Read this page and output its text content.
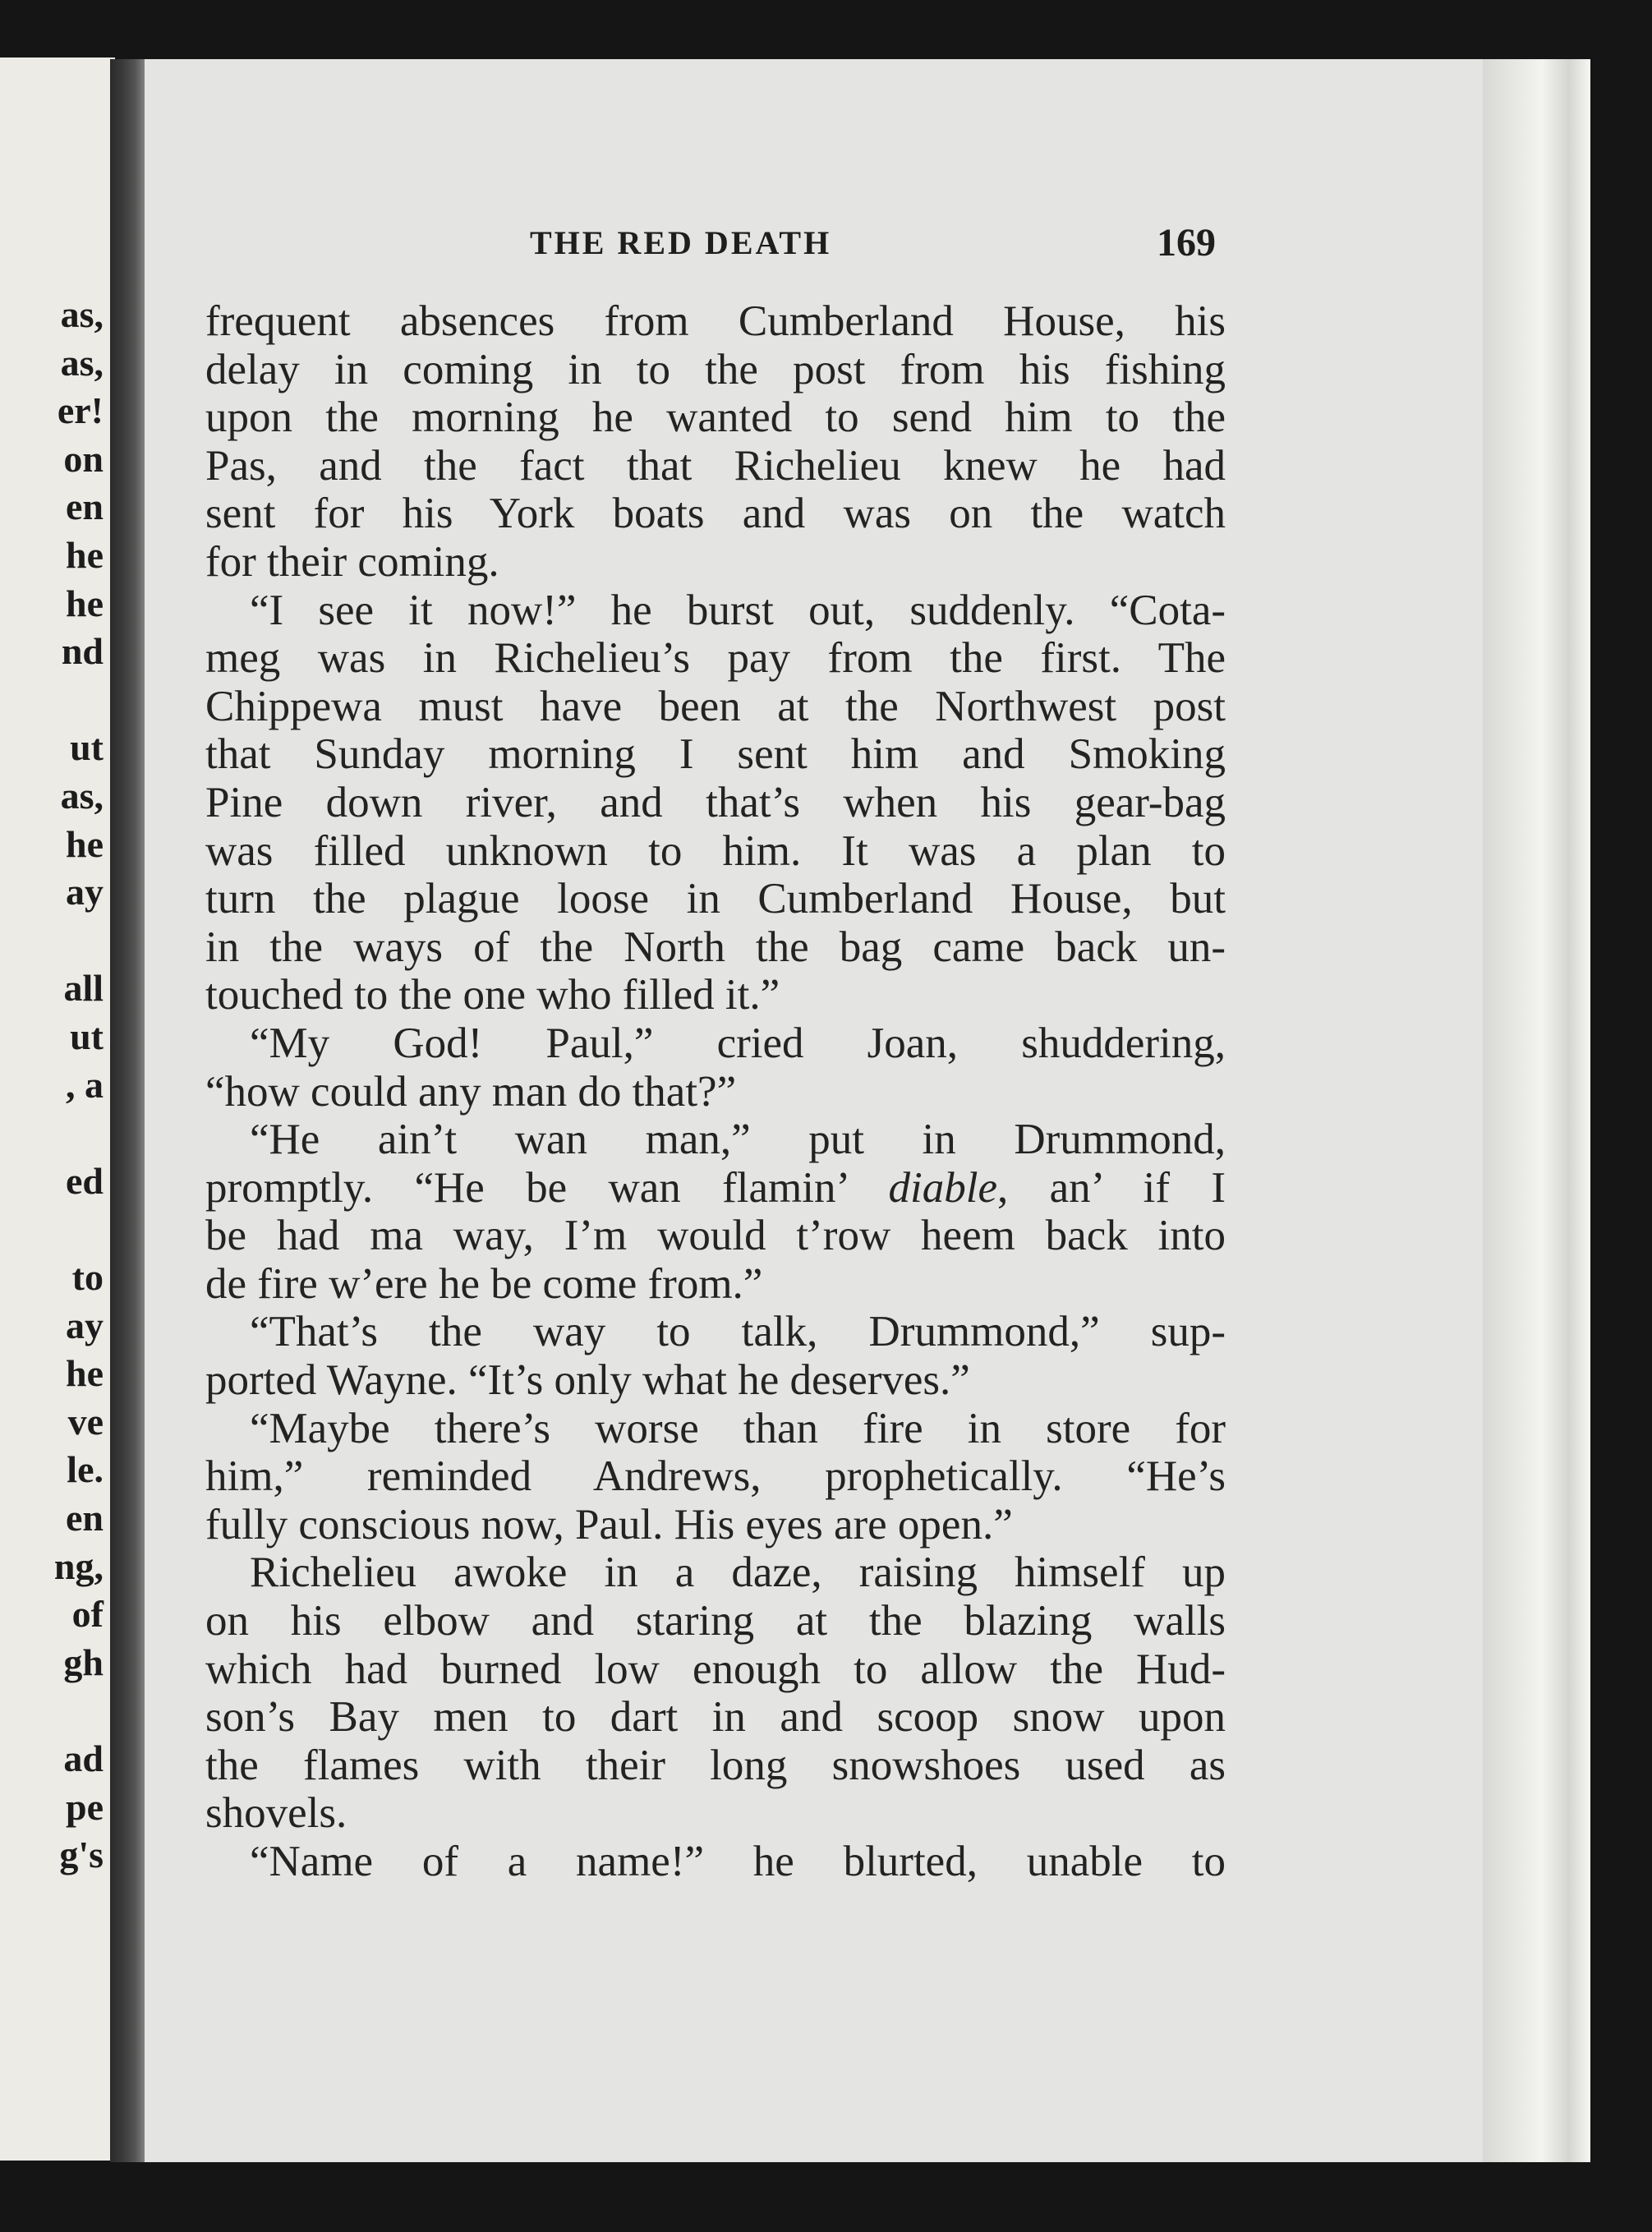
as,
as,
er!
on
en
he
he
nd
ut
as,
he
ay
all
ut
, a
ed
to
ay
he
ve
le.
en
ng,
of
gh
ad
pe
g's
THE RED DEATH	169
frequent absences from Cumberland House, his
delay in coming in to the post from his fishing
upon the morning he wanted to send him to the
Pas, and the fact that Richelieu knew he had
sent for his York boats and was on the watch
for their coming.
“I see it now!” he burst out, suddenly. “Cota-
meg was in Richelieu’s pay from the first. The
Chippewa must have been at the Northwest post
that Sunday morning I sent him and Smoking
Pine down river, and that’s when his gear-bag
was filled unknown to him. It was a plan to
turn the plague loose in Cumberland House, but
in the ways of the North the bag came back un-
touched to the one who filled it.”
“My God! Paul,” cried Joan, shuddering,
“how could any man do that?”
“He ain’t wan man,” put in Drummond,
promptly. “He be wan flamin’ diable, an’ if I
be had ma way, I’m would t’row heem back into
de fire w’ere he be come from.”
“That’s the way to talk, Drummond,” sup-
ported Wayne. “It’s only what he deserves.”
“Maybe there’s worse than fire in store for
him,” reminded Andrews, prophetically. “He’s
fully conscious now, Paul. His eyes are open.”
Richelieu awoke in a daze, raising himself up
on his elbow and staring at the blazing walls
which had burned low enough to allow the Hud-
son’s Bay men to dart in and scoop snow upon
the flames with their long snowshoes used as
shovels.
“Name of a name!” he blurted, unable to
